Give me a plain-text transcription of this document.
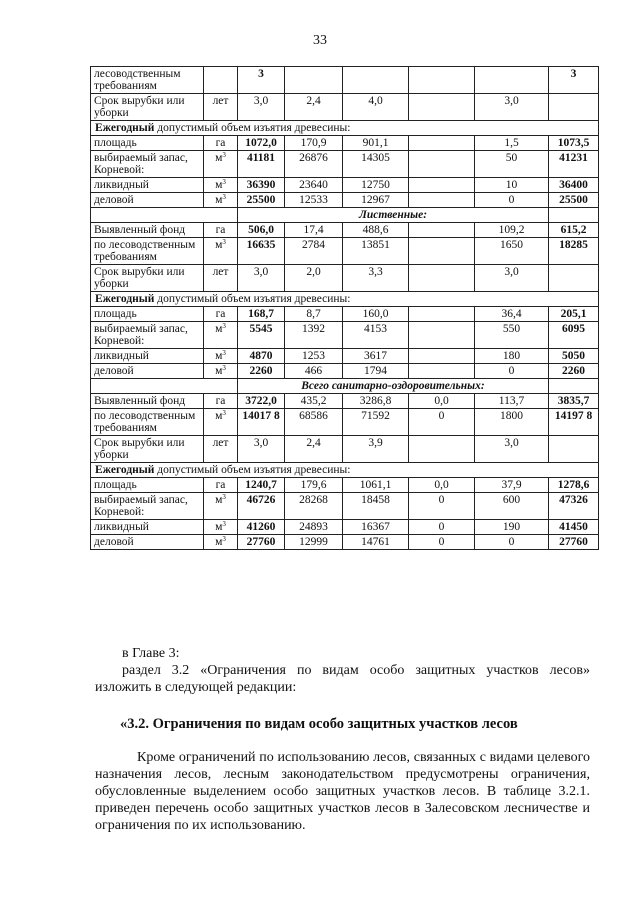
33
лесоводственным требованиям		3					3
Срок вырубки или уборки	лет	3,0	2,4	4,0		3,0	
Ежегодный допустимый объем изъятия древесины:							
площадь	га	1072,0	170,9	901,1		1,5	1073,5
выбираемый запас, Корневой:	$м^3$	41181	26876	14305		50	41231
ликвидный	$м^3$	36390	23640	12750		10	36400
деловой	$м^3$	25500	12533	12967		0	25500
		Лиственные:					
Выявленный фонд	га	506,0	17,4	488,6		109,2	615,2
по лесоводственным требованиям	$м^3$	16635	2784	13851		1650	18285
Срок вырубки или уборки	лет	3,0	2,0	3,3		3,0	
Ежегодный допустимый объем изъятия древесины:							
площадь	га	168,7	8,7	160,0		36,4	205,1
выбираемый запас, Корневой:	$м^3$	5545	1392	4153		550	6095
ликвидный	$м^3$	4870	1253	3617		180	5050
деловой	$м^3$	2260	466	1794		0	2260
		Всего санитарно-оздоровительных:					
Выявленный фонд	га	3722,0	435,2	3286,8	0,0	113,7	3835,7
по лесоводственным требованиям	$м^3$	14017 8	68586	71592	0	1800	14197 8
Срок вырубки или уборки	лет	3,0	2,4	3,9		3,0	
Ежегодный допустимый объем изъятия древесины:							
площадь	га	1240,7	179,6	1061,1	0,0	37,9	1278,6
выбираемый запас, Корневой:	$м^3$	46726	28268	18458	0	600	47326
ликвидный	$м^3$	41260	24893	16367	0	190	41450
деловой	$м^3$	27760	12999	14761	0	0	27760
в Главе 3:
раздел 3.2 «Ограничения по видам особо защитных участков лесов» изложить в следующей редакции:
«3.2. Ограничения по видам особо защитных участков лесов
Кроме ограничений по использованию лесов, связанных с видами целевого назначения лесов, лесным законодательством предусмотрены ограничения, обусловленные выделением особо защитных участков лесов. В таблице 3.2.1. приведен перечень особо защитных участков лесов в Залесовском лесничестве и ограничения по их использованию.
